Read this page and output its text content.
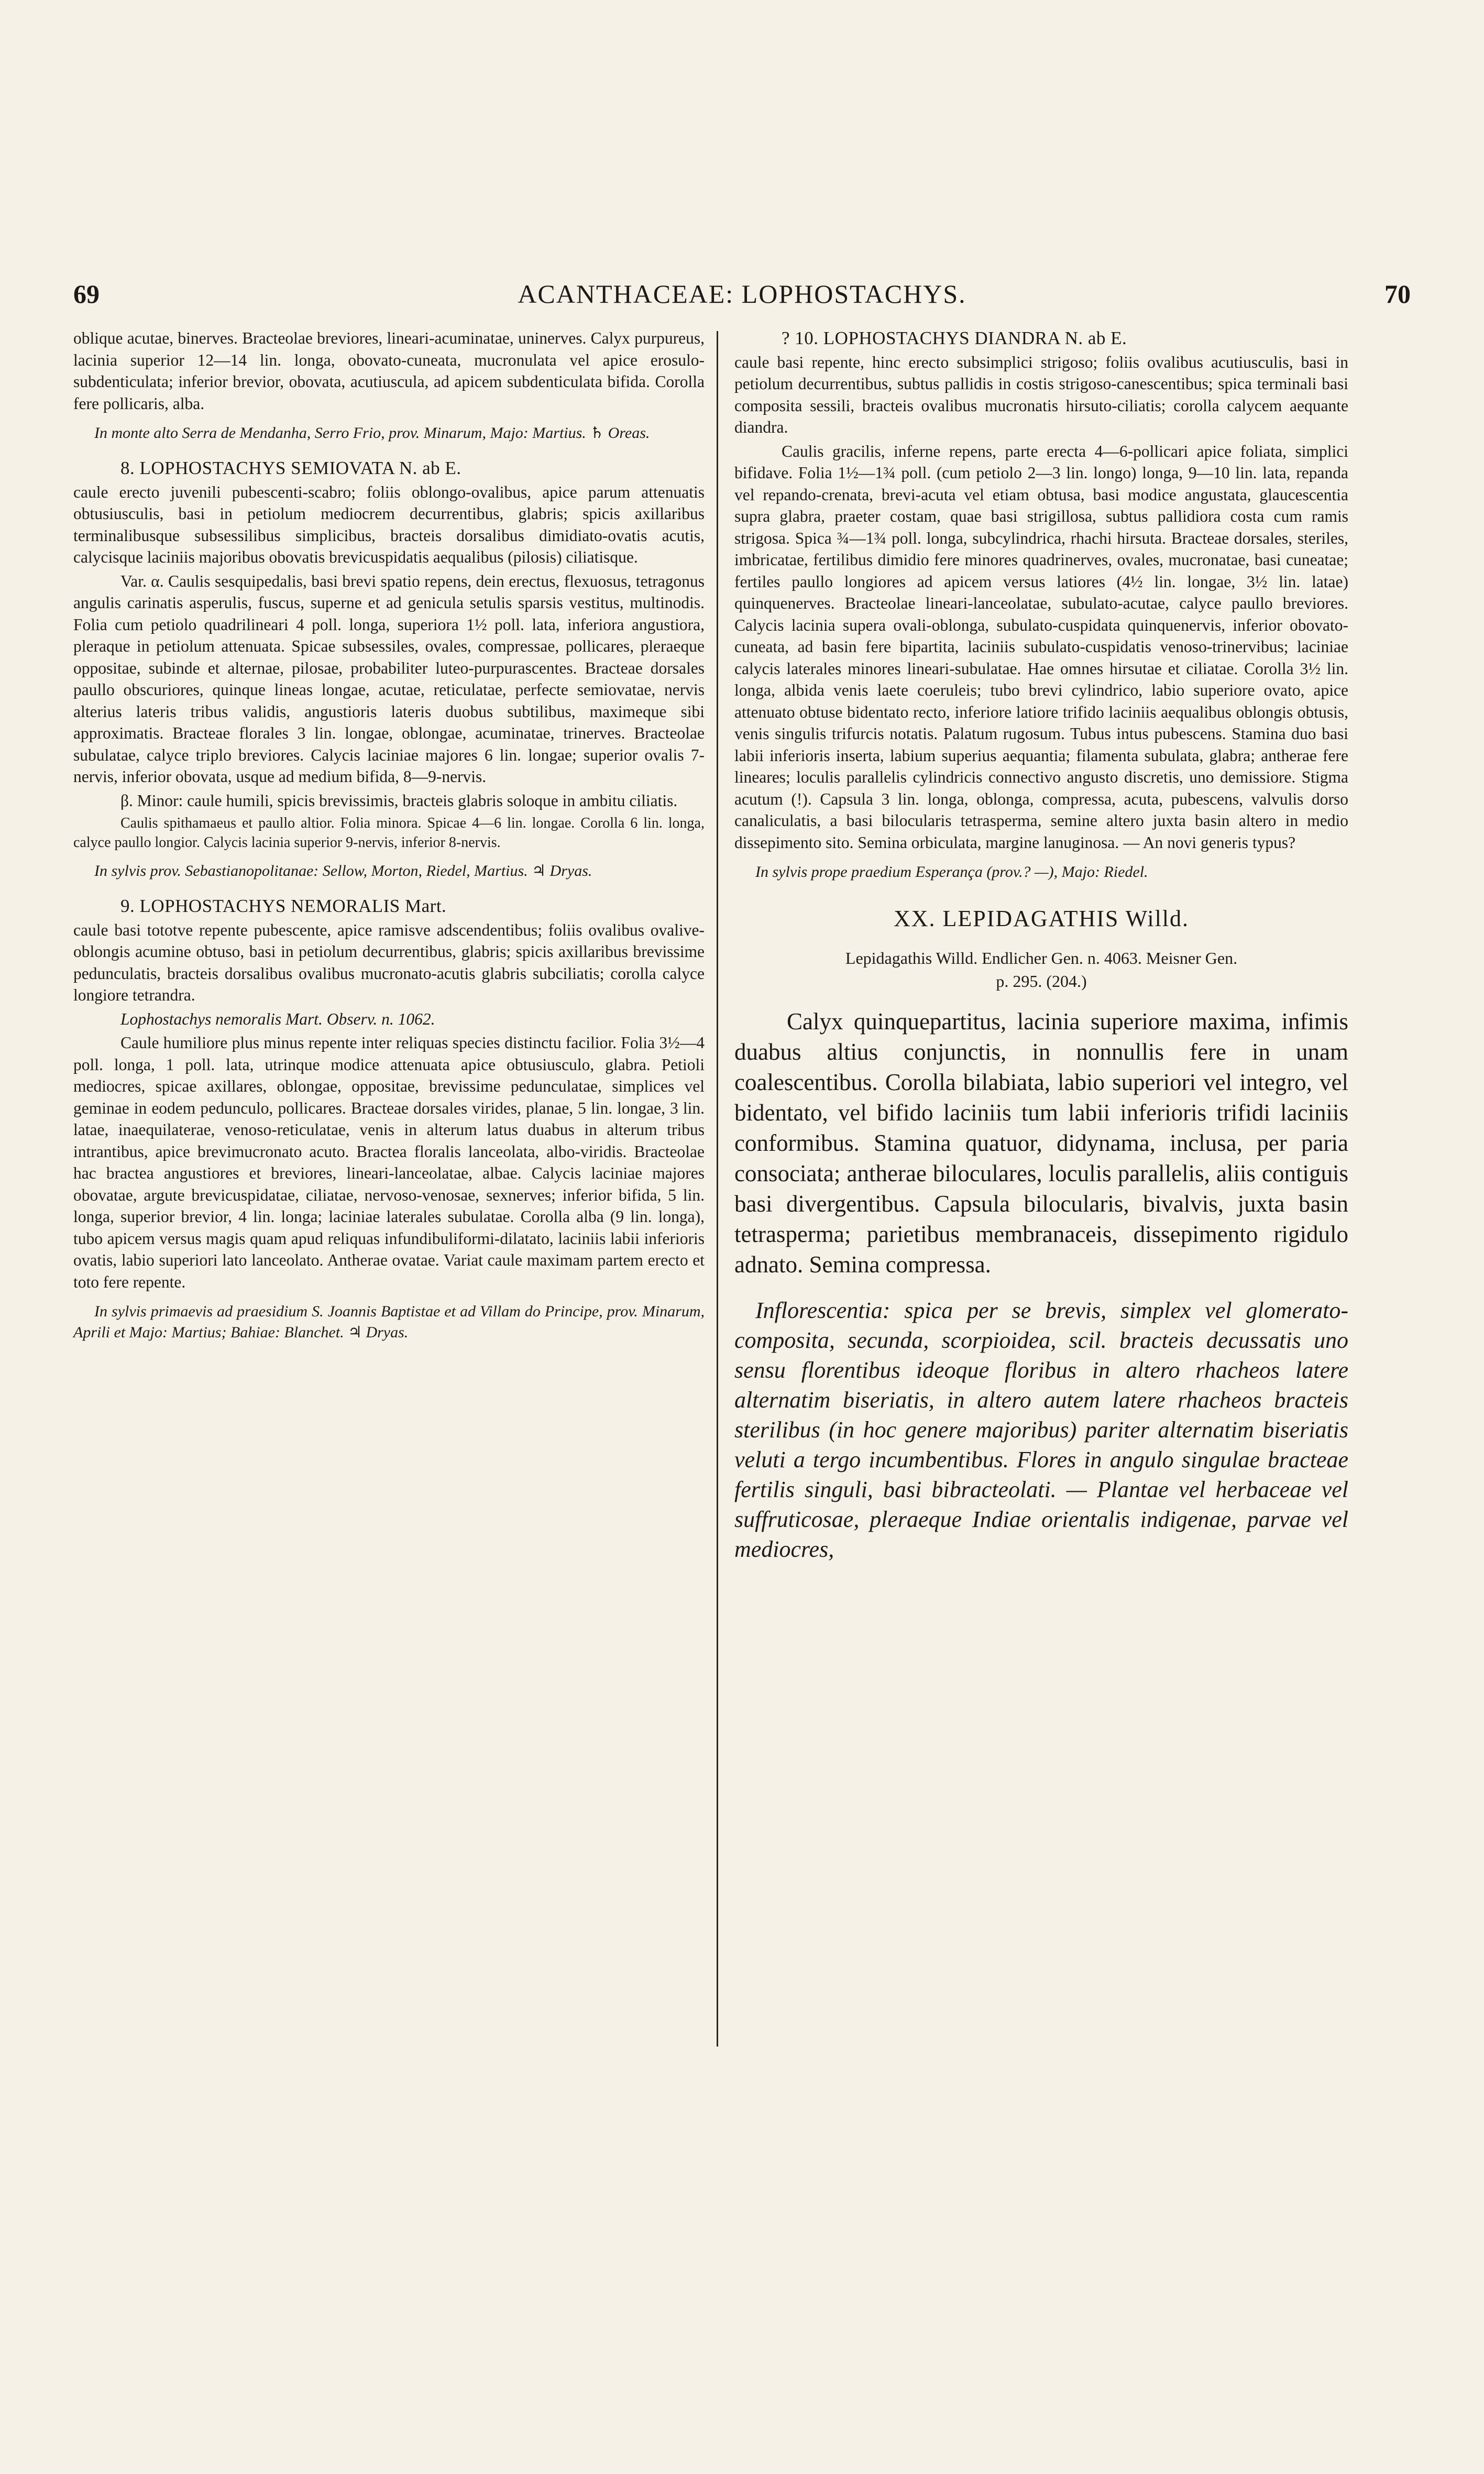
69	ACANTHACEAE: LOPHOSTACHYS.	70

oblique acutae, binerves. Bracteolae breviores, lineari-acuminatae, uninerves. Calyx purpureus, lacinia superior 12—14 lin. longa, obovato-cuneata, mucronulata vel apice erosulo-subdenticulata; inferior brevior, obovata, acutiuscula, ad apicem subdenticulata bifida. Corolla fere pollicaris, alba.

In monte alto Serra de Mendanha, Serro Frio, prov. Minarum, Majo: Martius. ♄ Oreas.

8. LOPHOSTACHYS SEMIOVATA N. ab E.

caule erecto juvenili pubescenti-scabro; foliis oblongo-ovalibus, apice parum attenuatis obtusiusculis, basi in petiolum mediocrem decurrentibus, glabris; spicis axillaribus terminalibusque subsessilibus simplicibus, bracteis dorsalibus dimidiato-ovatis acutis, calycisque laciniis majoribus obovatis brevicuspidatis aequalibus (pilosis) ciliatisque.

Var. α. Caulis sesquipedalis, basi brevi spatio repens, dein erectus, flexuosus, tetragonus angulis carinatis asperulis, fuscus, superne et ad genicula setulis sparsis vestitus, multinodis. Folia cum petiolo quadrilineari 4 poll. longa, superiora 1½ poll. lata, inferiora angustiora, pleraque in petiolum attenuata. Spicae subsessiles, ovales, compressae, pollicares, pleraeque oppositae, subinde et alternae, pilosae, probabiliter luteo-purpurascentes. Bracteae dorsales paullo obscuriores, quinque lineas longae, acutae, reticulatae, perfecte semiovatae, nervis alterius lateris tribus validis, angustioris lateris duobus subtilibus, maximeque sibi approximatis. Bracteae florales 3 lin. longae, oblongae, acuminatae, trinerves. Bracteolae subulatae, calyce triplo breviores. Calycis laciniae majores 6 lin. longae; superior ovalis 7-nervis, inferior obovata, usque ad medium bifida, 8—9-nervis.

β. Minor: caule humili, spicis brevissimis, bracteis glabris soloque in ambitu ciliatis.

Caulis spithamaeus et paullo altior. Folia minora. Spicae 4—6 lin. longae. Corolla 6 lin. longa, calyce paullo longior. Calycis lacinia superior 9-nervis, inferior 8-nervis.

In sylvis prov. Sebastianopolitanae: Sellow, Morton, Riedel, Martius. ♃ Dryas.

9. LOPHOSTACHYS NEMORALIS Mart.

caule basi tototve repente pubescente, apice ramisve adscendentibus; foliis ovalibus ovalive-oblongis acumine obtuso, basi in petiolum decurrentibus, glabris; spicis axillaribus brevissime pedunculatis, bracteis dorsalibus ovalibus mucronato-acutis glabris subciliatis; corolla calyce longiore tetrandra.

Lophostachys nemoralis Mart. Observ. n. 1062.

Caule humiliore plus minus repente inter reliquas species distinctu facilior. Folia 3½—4 poll. longa, 1 poll. lata, utrinque modice attenuata apice obtusiusculo, glabra. Petioli mediocres, spicae axillares, oblongae, oppositae, brevissime pedunculatae, simplices vel geminae in eodem pedunculo, pollicares. Bracteae dorsales virides, planae, 5 lin. longae, 3 lin. latae, inaequilaterae, venoso-reticulatae, venis in alterum latus duabus in alterum tribus intrantibus, apice brevimucronato acuto. Bractea floralis lanceolata, albo-viridis. Bracteolae hac bractea angustiores et breviores, lineari-lanceolatae, albae. Calycis laciniae majores obovatae, argute brevicuspidatae, ciliatae, nervoso-venosae, sexnerves; inferior bifida, 5 lin. longa, superior brevior, 4 lin. longa; laciniae laterales subulatae. Corolla alba (9 lin. longa), tubo apicem versus magis quam apud reliquas infundibuliformi-dilatato, laciniis labii inferioris ovatis, labio superiori lato lanceolato. Antherae ovatae. Variat caule maximam partem erecto et toto fere repente.

In sylvis primaevis ad praesidium S. Joannis Baptistae et ad Villam do Principe, prov. Minarum, Aprili et Majo: Martius; Bahiae: Blanchet. ♃ Dryas.

? 10. LOPHOSTACHYS DIANDRA N. ab E.

caule basi repente, hinc erecto subsimplici strigoso; foliis ovalibus acutiusculis, basi in petiolum decurrentibus, subtus pallidis in costis strigoso-canescentibus; spica terminali basi composita sessili, bracteis ovalibus mucronatis hirsuto-ciliatis; corolla calycem aequante diandra.

Caulis gracilis, inferne repens, parte erecta 4—6-pollicari apice foliata, simplici bifidave. Folia 1½—1¾ poll. (cum petiolo 2—3 lin. longo) longa, 9—10 lin. lata, repanda vel repando-crenata, brevi-acuta vel etiam obtusa, basi modice angustata, glaucescentia supra glabra, praeter costam, quae basi strigillosa, subtus pallidiora costa cum ramis strigosa. Spica ¾—1¾ poll. longa, subcylindrica, rhachi hirsuta. Bracteae dorsales, steriles, imbricatae, fertilibus dimidio fere minores quadrinerves, ovales, mucronatae, basi cuneatae; fertiles paullo longiores ad apicem versus latiores (4½ lin. longae, 3½ lin. latae) quinquenerves. Bracteolae lineari-lanceolatae, subulato-acutae, calyce paullo breviores. Calycis lacinia supera ovali-oblonga, subulato-cuspidata quinquenervis, inferior obovato-cuneata, ad basin fere bipartita, laciniis subulato-cuspidatis venoso-trinervibus; laciniae calycis laterales minores lineari-subulatae. Hae omnes hirsutae et ciliatae. Corolla 3½ lin. longa, albida venis laete coeruleis; tubo brevi cylindrico, labio superiore ovato, apice attenuato obtuse bidentato recto, inferiore latiore trifido laciniis aequalibus oblongis obtusis, venis singulis trifurcis notatis. Palatum rugosum. Tubus intus pubescens. Stamina duo basi labii inferioris inserta, labium superius aequantia; filamenta subulata, glabra; antherae fere lineares; loculis parallelis cylindricis connectivo angusto discretis, uno demissiore. Stigma acutum (!). Capsula 3 lin. longa, oblonga, compressa, acuta, pubescens, valvulis dorso canaliculatis, a basi bilocularis tetrasperma, semine altero juxta basin altero in medio dissepimento sito. Semina orbiculata, margine lanuginosa. — An novi generis typus?

In sylvis prope praedium Esperança (prov.? —), Majo: Riedel.

XX. LEPIDAGATHIS Willd.
Lepidagathis Willd. Endlicher Gen. n. 4063. Meisner Gen.
p. 295. (204.)

Calyx quinquepartitus, lacinia superiore maxima, infimis duabus altius conjunctis, in nonnullis fere in unam coalescentibus. Corolla bilabiata, labio superiori vel integro, vel bidentato, vel bifido laciniis tum labii inferioris trifidi laciniis conformibus. Stamina quatuor, didynama, inclusa, per paria consociata; antherae biloculares, loculis parallelis, aliis contiguis basi divergentibus. Capsula bilocularis, bivalvis, juxta basin tetrasperma; parietibus membranaceis, dissepimento rigidulo adnato. Semina compressa.

Inflorescentia: spica per se brevis, simplex vel glomerato-composita, secunda, scorpioidea, scil. bracteis decussatis uno sensu florentibus ideoque floribus in altero rhacheos latere alternatim biseriatis, in altero autem latere rhacheos bracteis sterilibus (in hoc genere majoribus) pariter alternatim biseriatis veluti a tergo incumbentibus. Flores in angulo singulae bracteae fertilis singuli, basi bibracteolati. — Plantae vel herbaceae vel suffruticosae, pleraeque Indiae orientalis indigenae, parvae vel mediocres,
